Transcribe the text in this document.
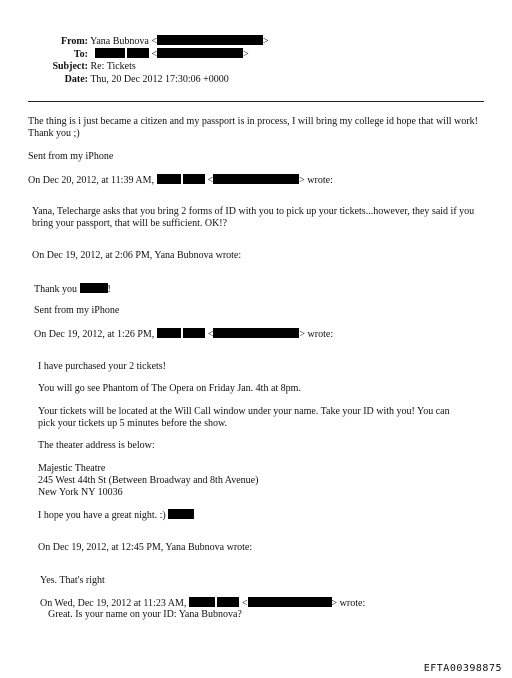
From: Yana Bubnova <	>
To:	<	>
Subject: Re: Tickets
Date: Thu, 20 Dec 2012 17:30:06 +0000
The thing is i just became a citizen and my passport is in process, I will bring my college id hope that will work!
Thank you ;)
Sent from my iPhone
On Dec 20, 2012, at 11:39 AM,	<	> wrote:
Yana, Telecharge asks that you bring 2 forms of ID with you to pick up your tickets...however, they said if you
bring your passport, that will be sufficient. OK!?
On Dec 19, 2012, at 2:06 PM, Yana Bubnova wrote:
Thank you	!
Sent from my iPhone
On Dec 19, 2012, at 1:26 PM,	<	> wrote:
I have purchased your 2 tickets!
You will go see Phantom of The Opera on Friday Jan. 4th at 8pm.
Your tickets will be located at the Will Call window under your name. Take your ID with you! You can
pick your tickets up 5 minutes before the show.
The theater address is below:
Majestic Theatre
245 West 44th St (Between Broadway and 8th Avenue)
New York NY 10036
I hope you have a great night. :)
On Dec 19, 2012, at 12:45 PM, Yana Bubnova wrote:
Yes. That's right
On Wed, Dec 19, 2012 at 11:23 AM,	<	> wrote:
Great. Is your name on your ID: Yana Bubnova?
EFTA00398875
